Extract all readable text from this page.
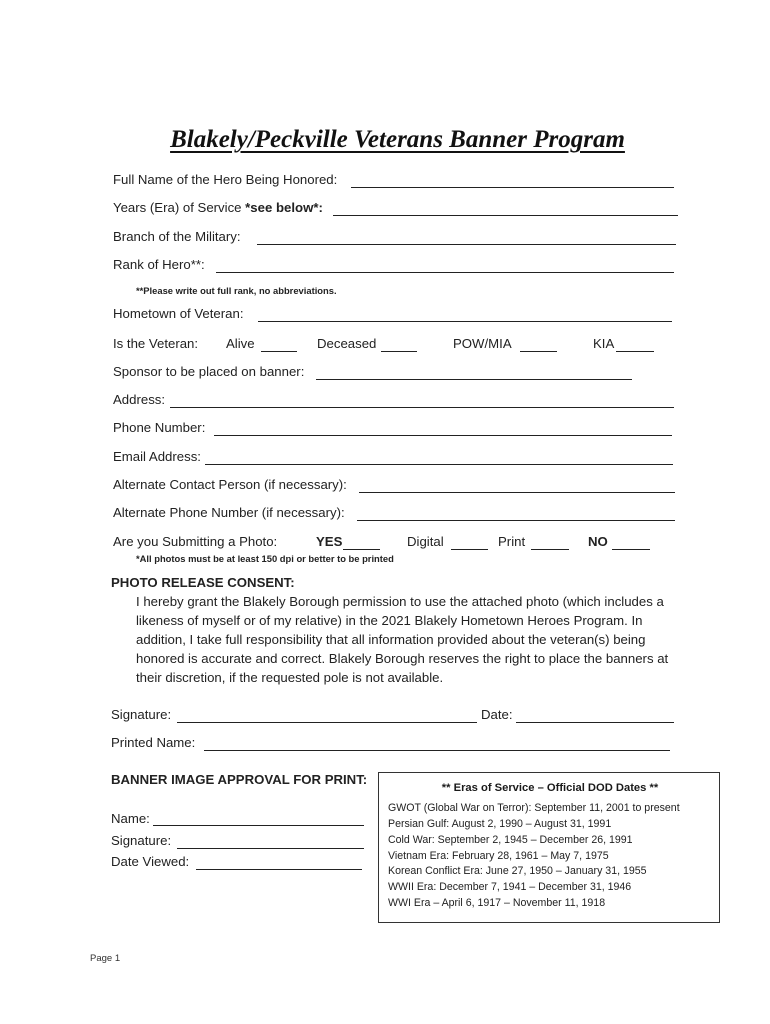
Blakely/Peckville Veterans Banner Program
Full Name of the Hero Being Honored:
Years (Era) of Service *see below*:
Branch of the Military:
Rank of Hero**:
**Please write out full rank, no abbreviations.
Hometown of Veteran:
Is the Veteran: Alive	Deceased	POW/MIA	KIA
Sponsor to be placed on banner:
Address:
Phone Number:
Email Address:
Alternate Contact Person (if necessary):
Alternate Phone Number (if necessary):
Are you Submitting a Photo:	YES	Digital	Print	NO
*All photos must be at least 150 dpi or better to be printed
PHOTO RELEASE CONSENT:
I hereby grant the Blakely Borough permission to use the attached photo (which includes a likeness of myself or of my relative) in the 2021 Blakely Hometown Heroes Program. In addition, I take full responsibility that all information provided about the veteran(s) being honored is accurate and correct. Blakely Borough reserves the right to place the banners at their discretion, if the requested pole is not available.
Signature:	Date:
Printed Name:
BANNER IMAGE APPROVAL FOR PRINT:
Name:
Signature:
Date Viewed:
** Eras of Service – Official DOD Dates **
GWOT (Global War on Terror): September 11, 2001 to present
Persian Gulf: August 2, 1990 – August 31, 1991
Cold War: September 2, 1945 – December 26, 1991
Vietnam Era: February 28, 1961 – May 7, 1975
Korean Conflict Era: June 27, 1950 – January 31, 1955
WWII Era: December 7, 1941 – December 31, 1946
WWI Era – April 6, 1917 – November 11, 1918
Page 1
